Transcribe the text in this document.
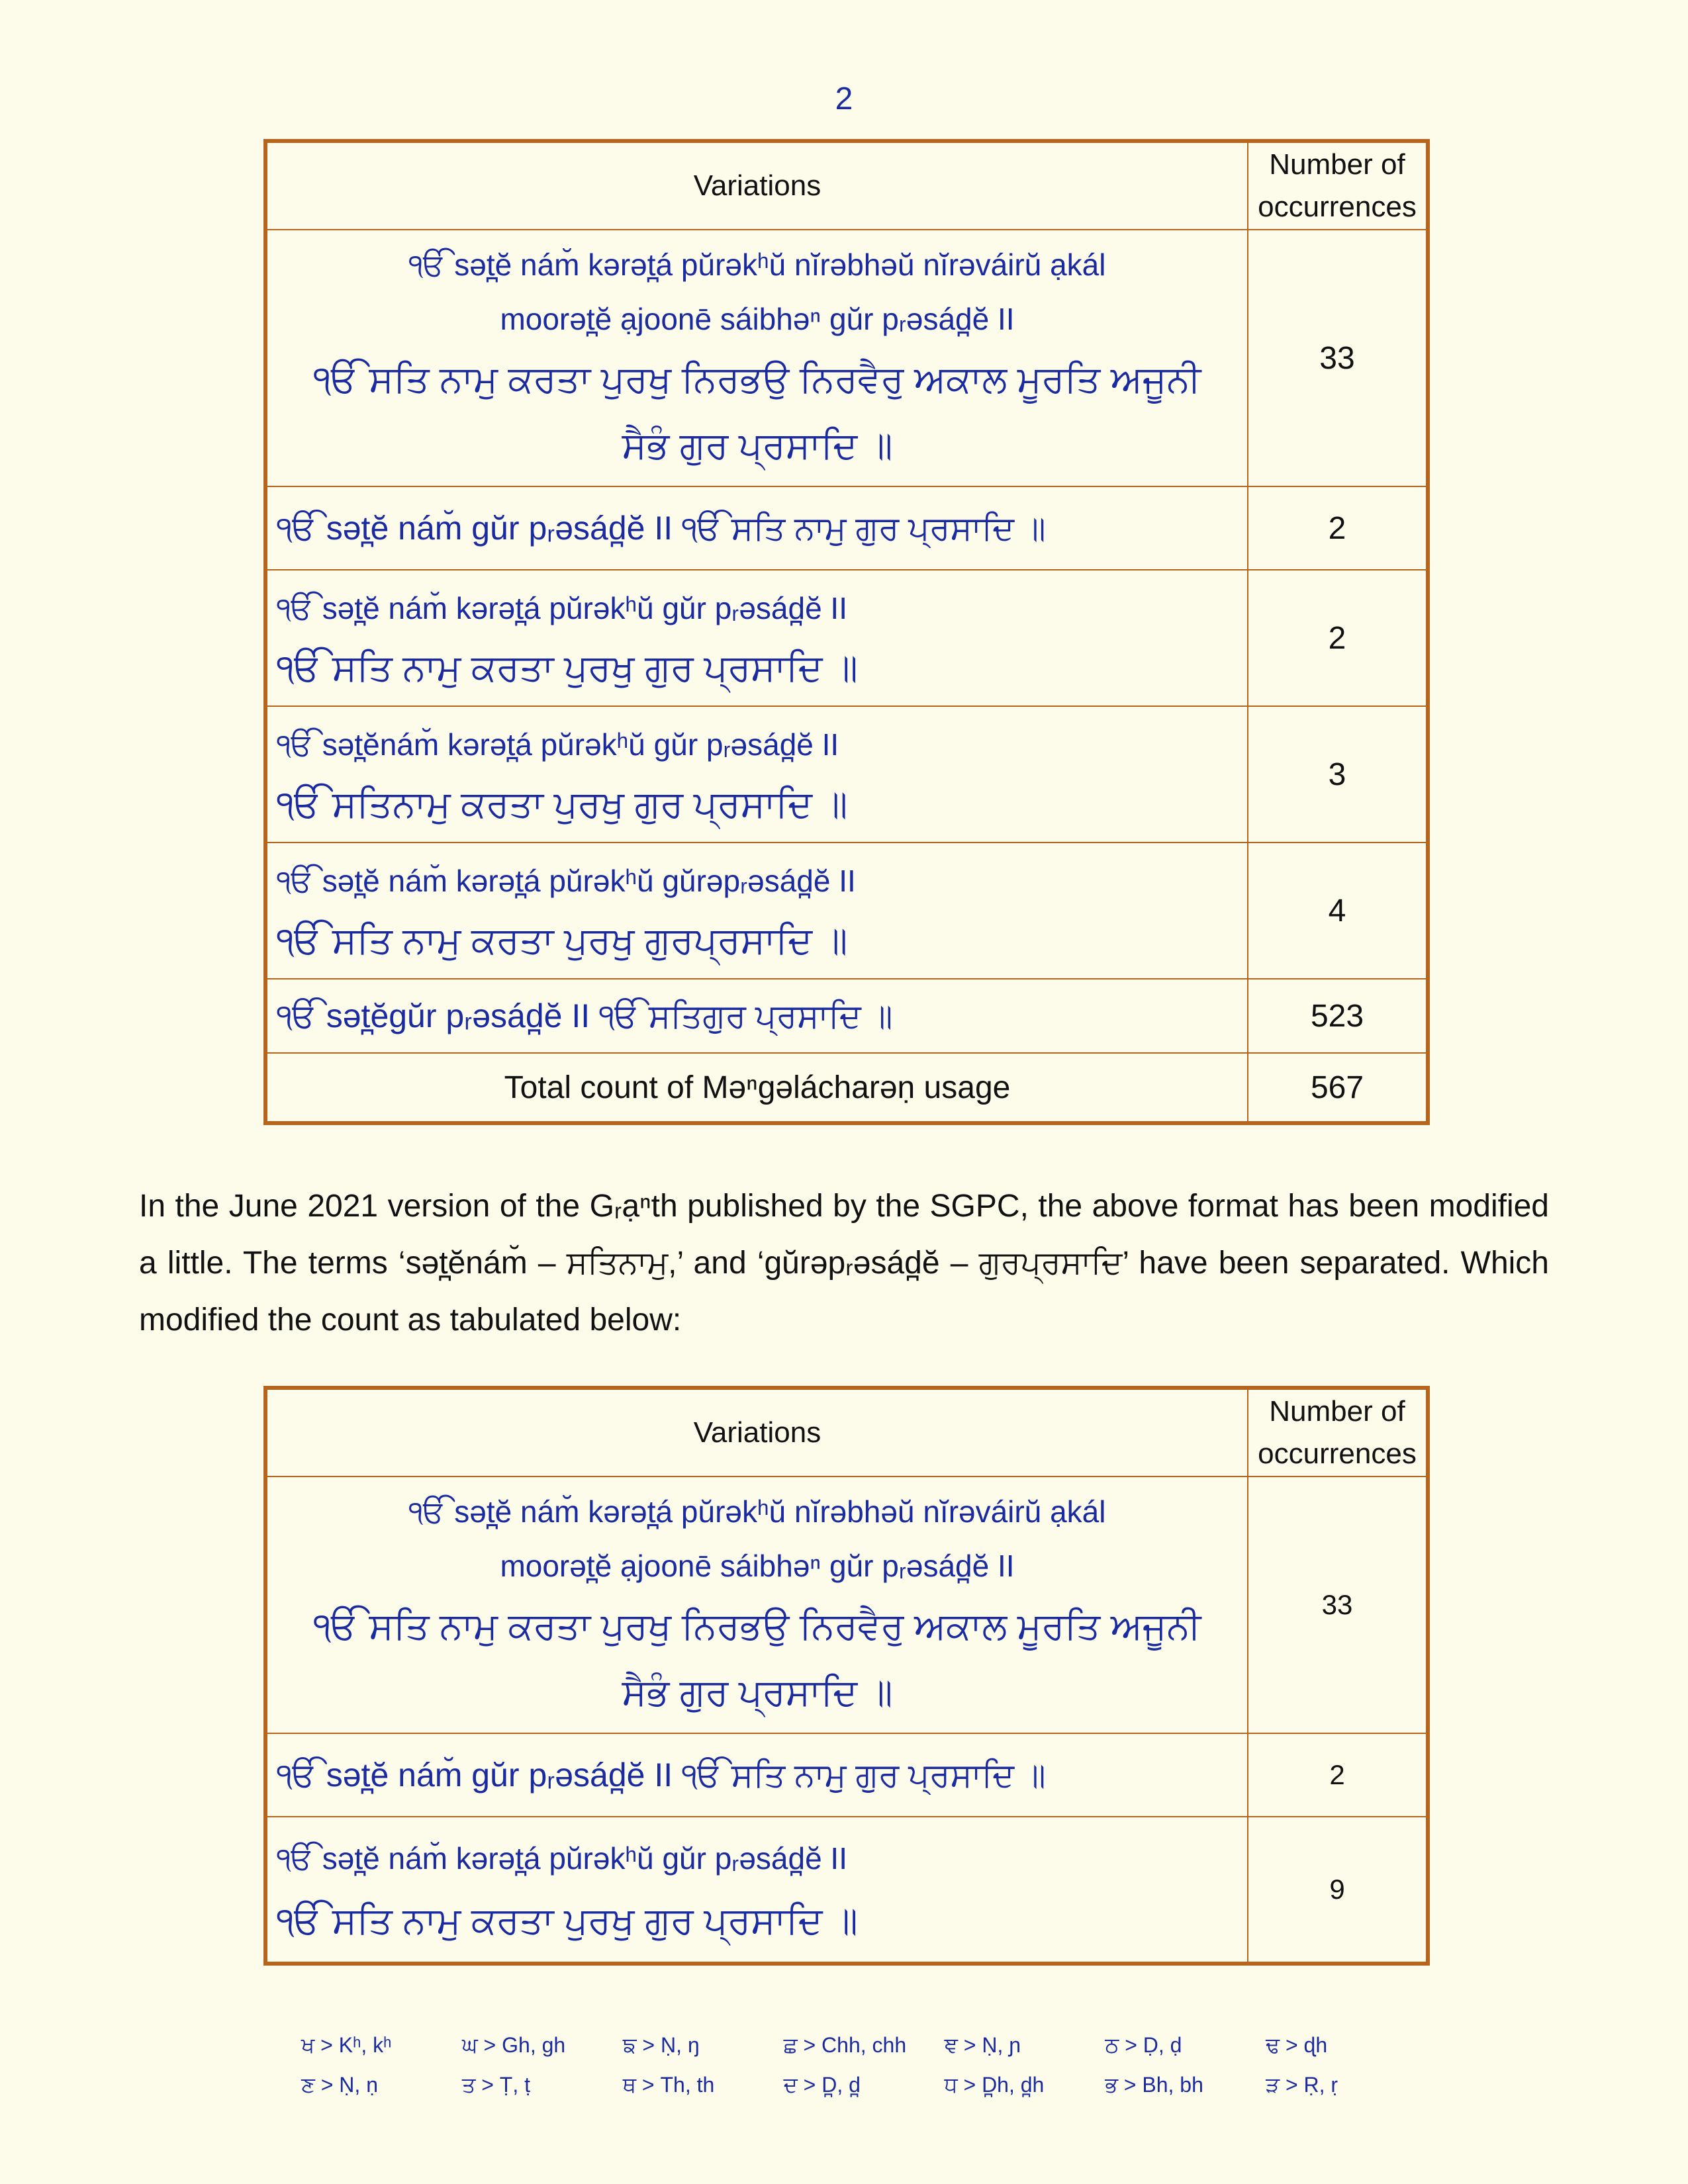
2
Variations	Number of occurrences

ੴ sət̪ĕ nám̆ kərət̪á pŭrəkʰŭ nĭrəbhəŭ nĭrəváirŭ ạkál
moorət̪ĕ ạjoonē sáibhəⁿ gŭr pᵣəsád̪ĕ II
ੴ ਸਤਿ ਨਾਮੁ ਕਰਤਾ ਪੁਰਖੁ ਨਿਰਭਉ ਨਿਰਵੈਰੁ ਅਕਾਲ ਮੂਰਤਿ ਅਜੂਨੀ
ਸੈਭੰ ਗੁਰ ਪ੍ਰਸਾਦਿ ॥	33

ੴ sət̪ĕ nám̆ gŭr pᵣəsád̪ĕ II ੴ ਸਤਿ ਨਾਮੁ ਗੁਰ ਪ੍ਰਸਾਦਿ ॥	2

ੴ sət̪ĕ nám̆ kərət̪á pŭrəkʰŭ gŭr pᵣəsád̪ĕ II
ੴ ਸਤਿ ਨਾਮੁ ਕਰਤਾ ਪੁਰਖੁ ਗੁਰ ਪ੍ਰਸਾਦਿ ॥	2

ੴ sət̪ĕnám̆ kərət̪á pŭrəkʰŭ gŭr pᵣəsád̪ĕ II
ੴ ਸਤਿਨਾਮੁ ਕਰਤਾ ਪੁਰਖੁ ਗੁਰ ਪ੍ਰਸਾਦਿ ॥	3

ੴ sət̪ĕ nám̆ kərət̪á pŭrəkʰŭ gŭrəpᵣəsád̪ĕ II
ੴ ਸਤਿ ਨਾਮੁ ਕਰਤਾ ਪੁਰਖੁ ਗੁਰਪ੍ਰਸਾਦਿ ॥	4

ੴ sət̪ĕgŭr pᵣəsád̪ĕ II ੴ ਸਤਿਗੁਰ ਪ੍ਰਸਾਦਿ ॥	523
Total count of Məⁿgəlácharəṇ usage	567
In the June 2021 version of the Gᵣạⁿth published by the SGPC, the above format has been modified a little. The terms ‘sət̪ĕnám̆ – ਸਤਿਨਾਮੁ,’ and ‘gŭrəpᵣəsád̪ĕ – ਗੁਰਪ੍ਰਸਾਦਿ’ have been separated. Which modified the count as tabulated below:
Variations	Number of occurrences

ੴ sət̪ĕ nám̆ kərət̪á pŭrəkʰŭ nĭrəbhəŭ nĭrəváirŭ ạkál
moorət̪ĕ ạjoonē sáibhəⁿ gŭr pᵣəsád̪ĕ II
ੴ ਸਤਿ ਨਾਮੁ ਕਰਤਾ ਪੁਰਖੁ ਨਿਰਭਉ ਨਿਰਵੈਰੁ ਅਕਾਲ ਮੂਰਤਿ ਅਜੂਨੀ
ਸੈਭੰ ਗੁਰ ਪ੍ਰਸਾਦਿ ॥	33

ੴ sət̪ĕ nám̆ gŭr pᵣəsád̪ĕ II ੴ ਸਤਿ ਨਾਮੁ ਗੁਰ ਪ੍ਰਸਾਦਿ ॥	2

ੴ sət̪ĕ nám̆ kərət̪á pŭrəkʰŭ gŭr pᵣəsád̪ĕ II
ੴ ਸਤਿ ਨਾਮੁ ਕਰਤਾ ਪੁਰਖੁ ਗੁਰ ਪ੍ਰਸਾਦਿ ॥	9
ਖ > Kʰ, kʰ	ਘ > Gh, gh	ਙ > Ṇ, ŋ	ਛ > Chh, chh	ਞ > Ṇ, ɲ	ਠ > Ḍ, ḍ	ਢ > ɖh
ਣ > Ṇ, ṇ	ਤ > Ṭ, ṭ	ਥ > Th, th	ਦ > D̪, d̪	ਧ > D̪h, d̪h	ਭ > Bh, bh	ੜ > Ṛ, ṛ
